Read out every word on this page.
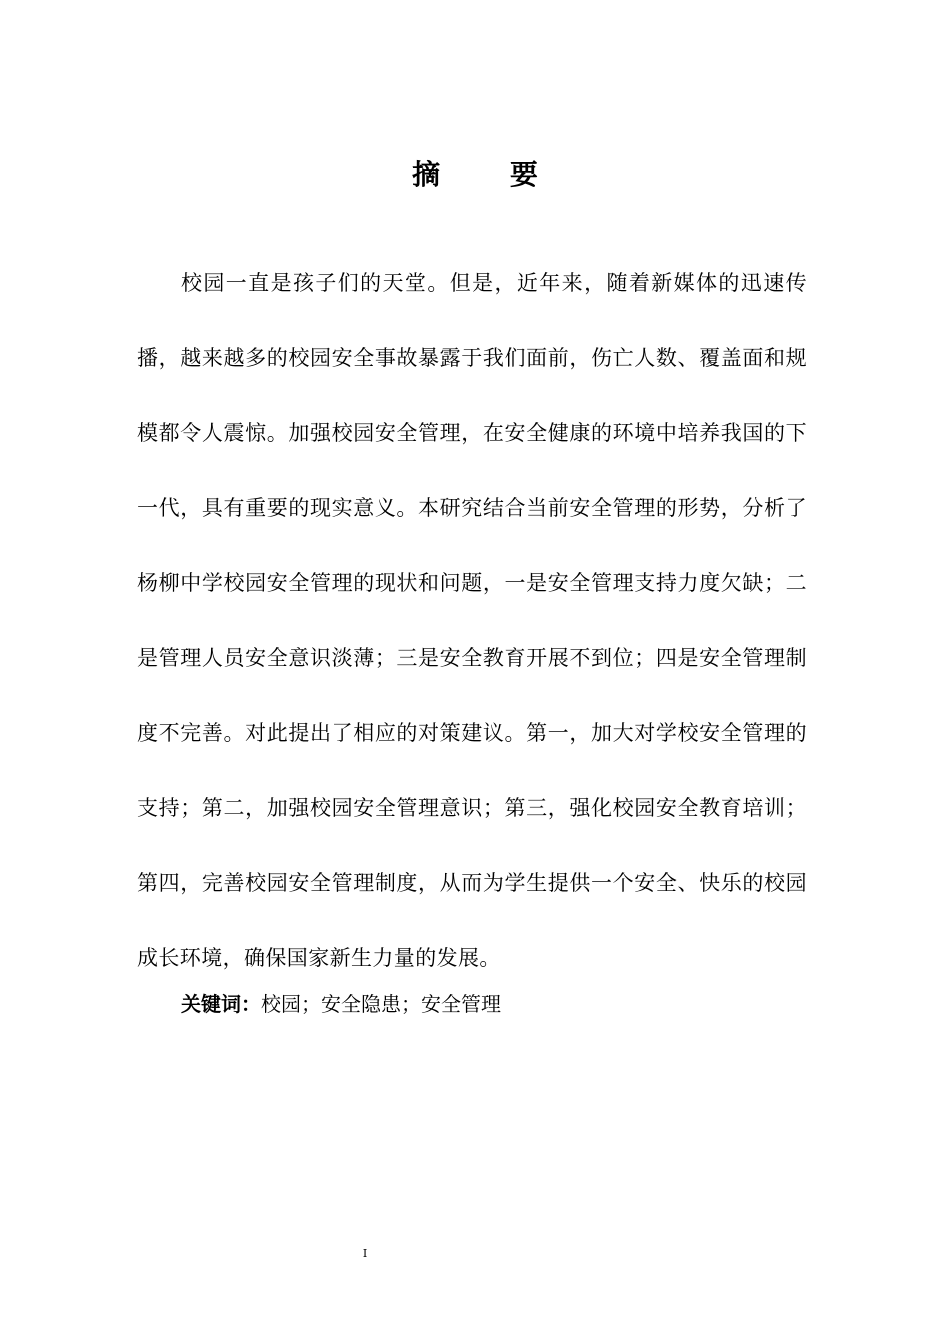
摘 要

校园一直是孩子们的天堂。但是，近年来，随着新媒体的迅速传播，越来越多的校园安全事故暴露于我们面前，伤亡人数、覆盖面和规模都令人震惊。加强校园安全管理，在安全健康的环境中培养我国的下一代，具有重要的现实意义。本研究结合当前安全管理的形势，分析了杨柳中学校园安全管理的现状和问题，一是安全管理支持力度欠缺；二是管理人员安全意识淡薄；三是安全教育开展不到位；四是安全管理制度不完善。对此提出了相应的对策建议。第一，加大对学校安全管理的支持；第二，加强校园安全管理意识；第三，强化校园安全教育培训；第四，完善校园安全管理制度，从而为学生提供一个安全、快乐的校园成长环境，确保国家新生力量的发展。

关键词：校园；安全隐患；安全管理
I
